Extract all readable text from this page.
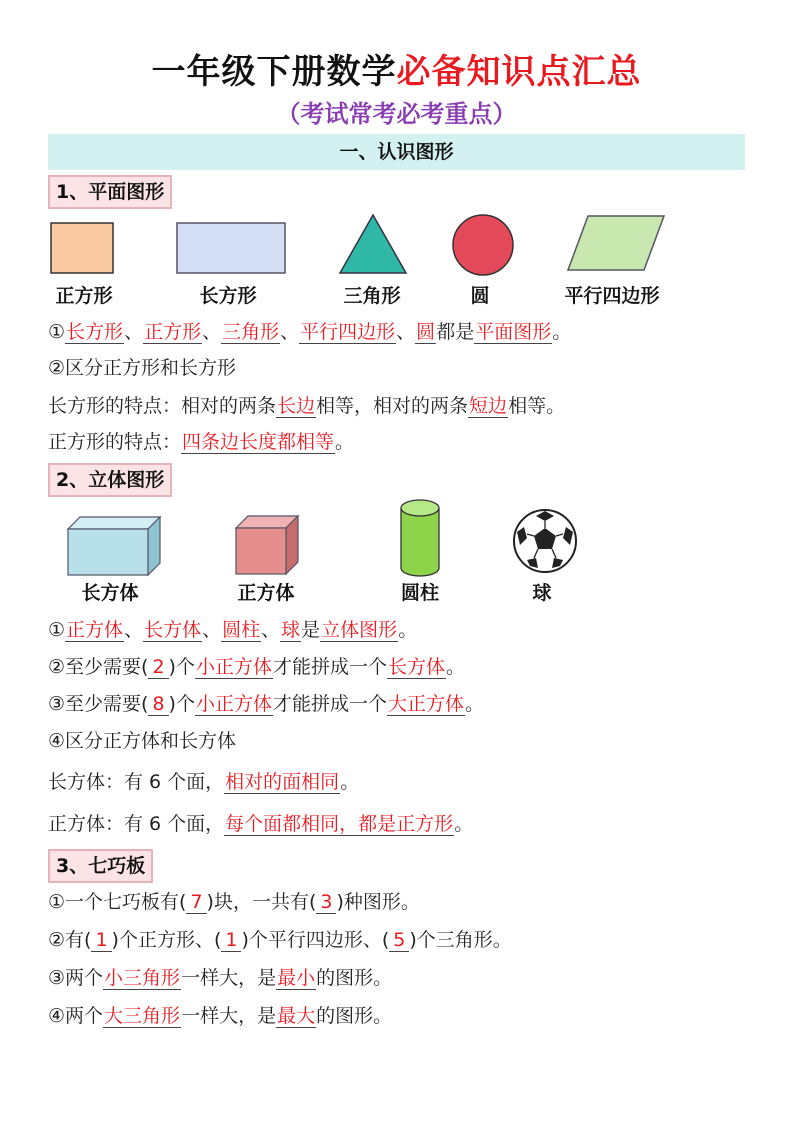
一年级下册数学必备知识点汇总
（考试常考必考重点）
一、认识图形
1、平面图形
正方形	长方形	三角形	圆	平行四边形
①长方形、正方形、三角形、平行四边形、圆都是平面图形。
②区分正方形和长方形
长方形的特点：相对的两条长边相等，相对的两条短边相等。
正方形的特点：四条边长度都相等。
2、立体图形
长方体	正方体	圆柱	球
①正方体、长方体、圆柱、球是立体图形。
②至少需要( 2 )个小正方体才能拼成一个长方体。
③至少需要( 8 )个小正方体才能拼成一个大正方体。
④区分正方体和长方体
长方体：有 6 个面，相对的面相同。
正方体：有 6 个面，每个面都相同，都是正方形。
3、七巧板
①一个七巧板有( 7 )块，一共有( 3 )种图形。
②有( 1 )个正方形、( 1 )个平行四边形、( 5 )个三角形。
③两个小三角形一样大，是最小的图形。
④两个大三角形一样大，是最大的图形。
